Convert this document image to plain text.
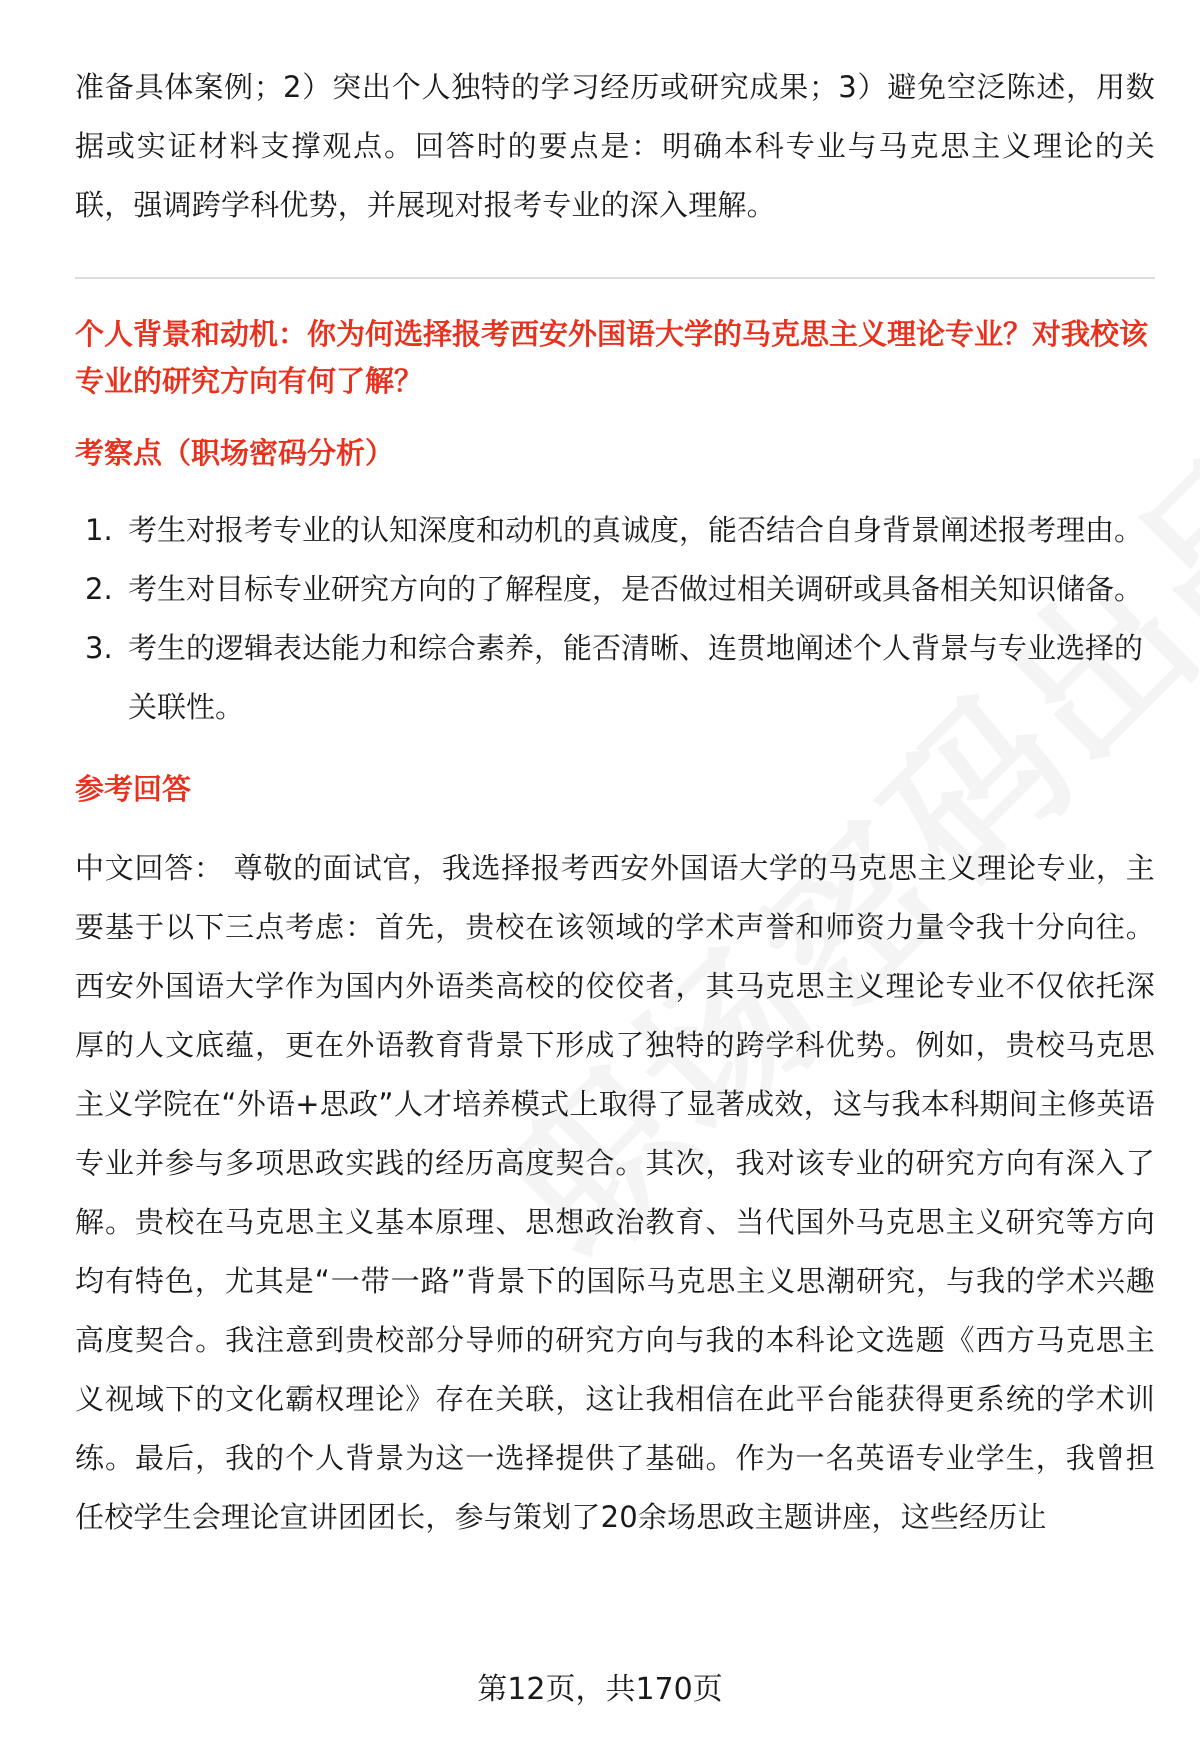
准备具体案例；2）突出个人独特的学习经历或研究成果；3）避免空泛陈述，用数据或实证材料支撑观点。回答时的要点是：明确本科专业与马克思主义理论的关联，强调跨学科优势，并展现对报考专业的深入理解。

个人背景和动机：你为何选择报考西安外国语大学的马克思主义理论专业？对我校该专业的研究方向有何了解？
考察点（职场密码分析）
1. 考生对报考专业的认知深度和动机的真诚度，能否结合自身背景阐述报考理由。
2. 考生对目标专业研究方向的了解程度，是否做过相关调研或具备相关知识储备。
3. 考生的逻辑表达能力和综合素养，能否清晰、连贯地阐述个人背景与专业选择的关联性。
参考回答

中文回答： 尊敬的面试官，我选择报考西安外国语大学的马克思主义理论专业，主要基于以下三点考虑：首先，贵校在该领域的学术声誉和师资力量令我十分向往。西安外国语大学作为国内外语类高校的佼佼者，其马克思主义理论专业不仅依托深厚的人文底蕴，更在外语教育背景下形成了独特的跨学科优势。例如，贵校马克思主义学院在“外语+思政”人才培养模式上取得了显著成效，这与我本科期间主修英语专业并参与多项思政实践的经历高度契合。其次，我对该专业的研究方向有深入了解。贵校在马克思主义基本原理、思想政治教育、当代国外马克思主义研究等方向均有特色，尤其是“一带一路”背景下的国际马克思主义思潮研究，与我的学术兴趣高度契合。我注意到贵校部分导师的研究方向与我的本科论文选题《西方马克思主义视域下的文化霸权理论》存在关联，这让我相信在此平台能获得更系统的学术训练。最后，我的个人背景为这一选择提供了基础。作为一名英语专业学生，我曾担任校学生会理论宣讲团团长，参与策划了20余场思政主题讲座，这些经历让

第12页，共170页
